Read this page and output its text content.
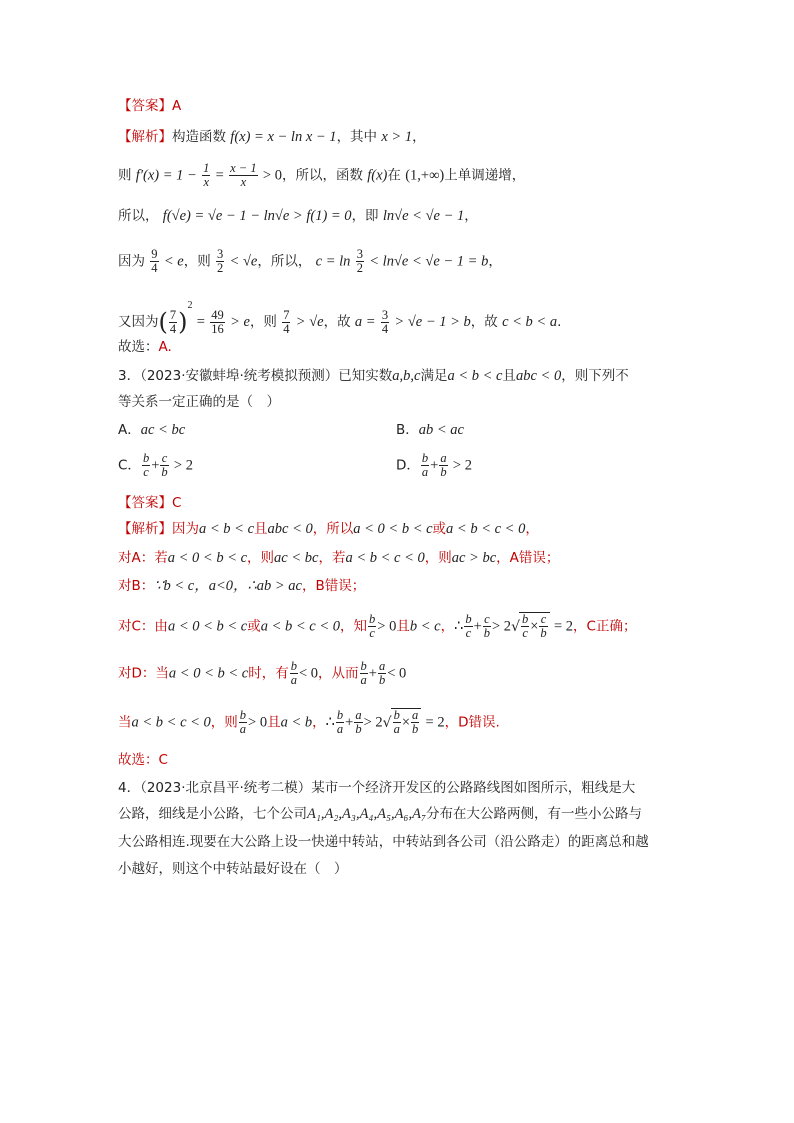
【答案】A
【解析】构造函数 f(x) = x − ln x − 1，其中 x > 1，
则 $f'(x) = 1 - \frac{1}{x} = \frac{x - 1}{x} > 0$，所以，函数 f(x)在 (1,+∞)上单调递增，
所以， f(√e) = √e − 1 − ln√e > f(1) = 0，即 ln√e < √e − 1，
因为 $\frac{9}{4} < e$，则 $\frac{3}{2} < √e$，所以， $c = \ln \frac{3}{2} < \ln√e < √e - 1 = b$，
又因为( $\frac{7}{4} )^2 = \frac{49}{16} > e$，则 $\frac{7}{4} > √e$，故 $a = \frac{3}{4} > √e - 1 > b$，故 c < b < a.
故选：A.
3．（2023·安徽蚌埠·统考模拟预测）已知实数a,b,c满足a < b < c且abc < 0，则下列不
等关系一定正确的是（　）
A．ac < bc	B．ab < ac
C． $\frac{b}{c} + \frac{c}{b} > 2$	D． $\frac{b}{a} + \frac{a}{b} > 2$
【答案】C
【解析】因为a < b < c且abc < 0，所以a < 0 < b < c或a < b < c < 0，
对A：若a < 0 < b < c，则ac < bc，若a < b < c < 0，则ac > bc，A错误；
对B：∵b < c，a<0，∴ab > ac，B错误；
对C：由a < 0 < b < c或a < b < c < 0，知 $\frac{b}{c} > 0$且b < c，∴ $\frac{b}{c} + \frac{c}{b} > 2√ \frac{b}{c} \times \frac{c}{b} = 2$，C正确；
对D：当a < 0 < b < c时，有 $\frac{b}{a} < 0$，从而 $\frac{b}{a} + \frac{a}{b} < 0$
当a < b < c < 0，则 $\frac{b}{a} > 0$且a < b，∴ $\frac{b}{a} + \frac{a}{b} > 2√ \frac{b}{a} \times \frac{a}{b} = 2$，D错误.
故选：C
4．（2023·北京昌平·统考二模）某市一个经济开发区的公路路线图如图所示，粗线是大
公路，细线是小公路，七个公司A₁,A₂,A₃,A₄,A₅,A₆,A₇分布在大公路两侧，有一些小公路与
大公路相连.现要在大公路上设一快递中转站，中转站到各公司（沿公路走）的距离总和越
小越好，则这个中转站最好设在（　）
